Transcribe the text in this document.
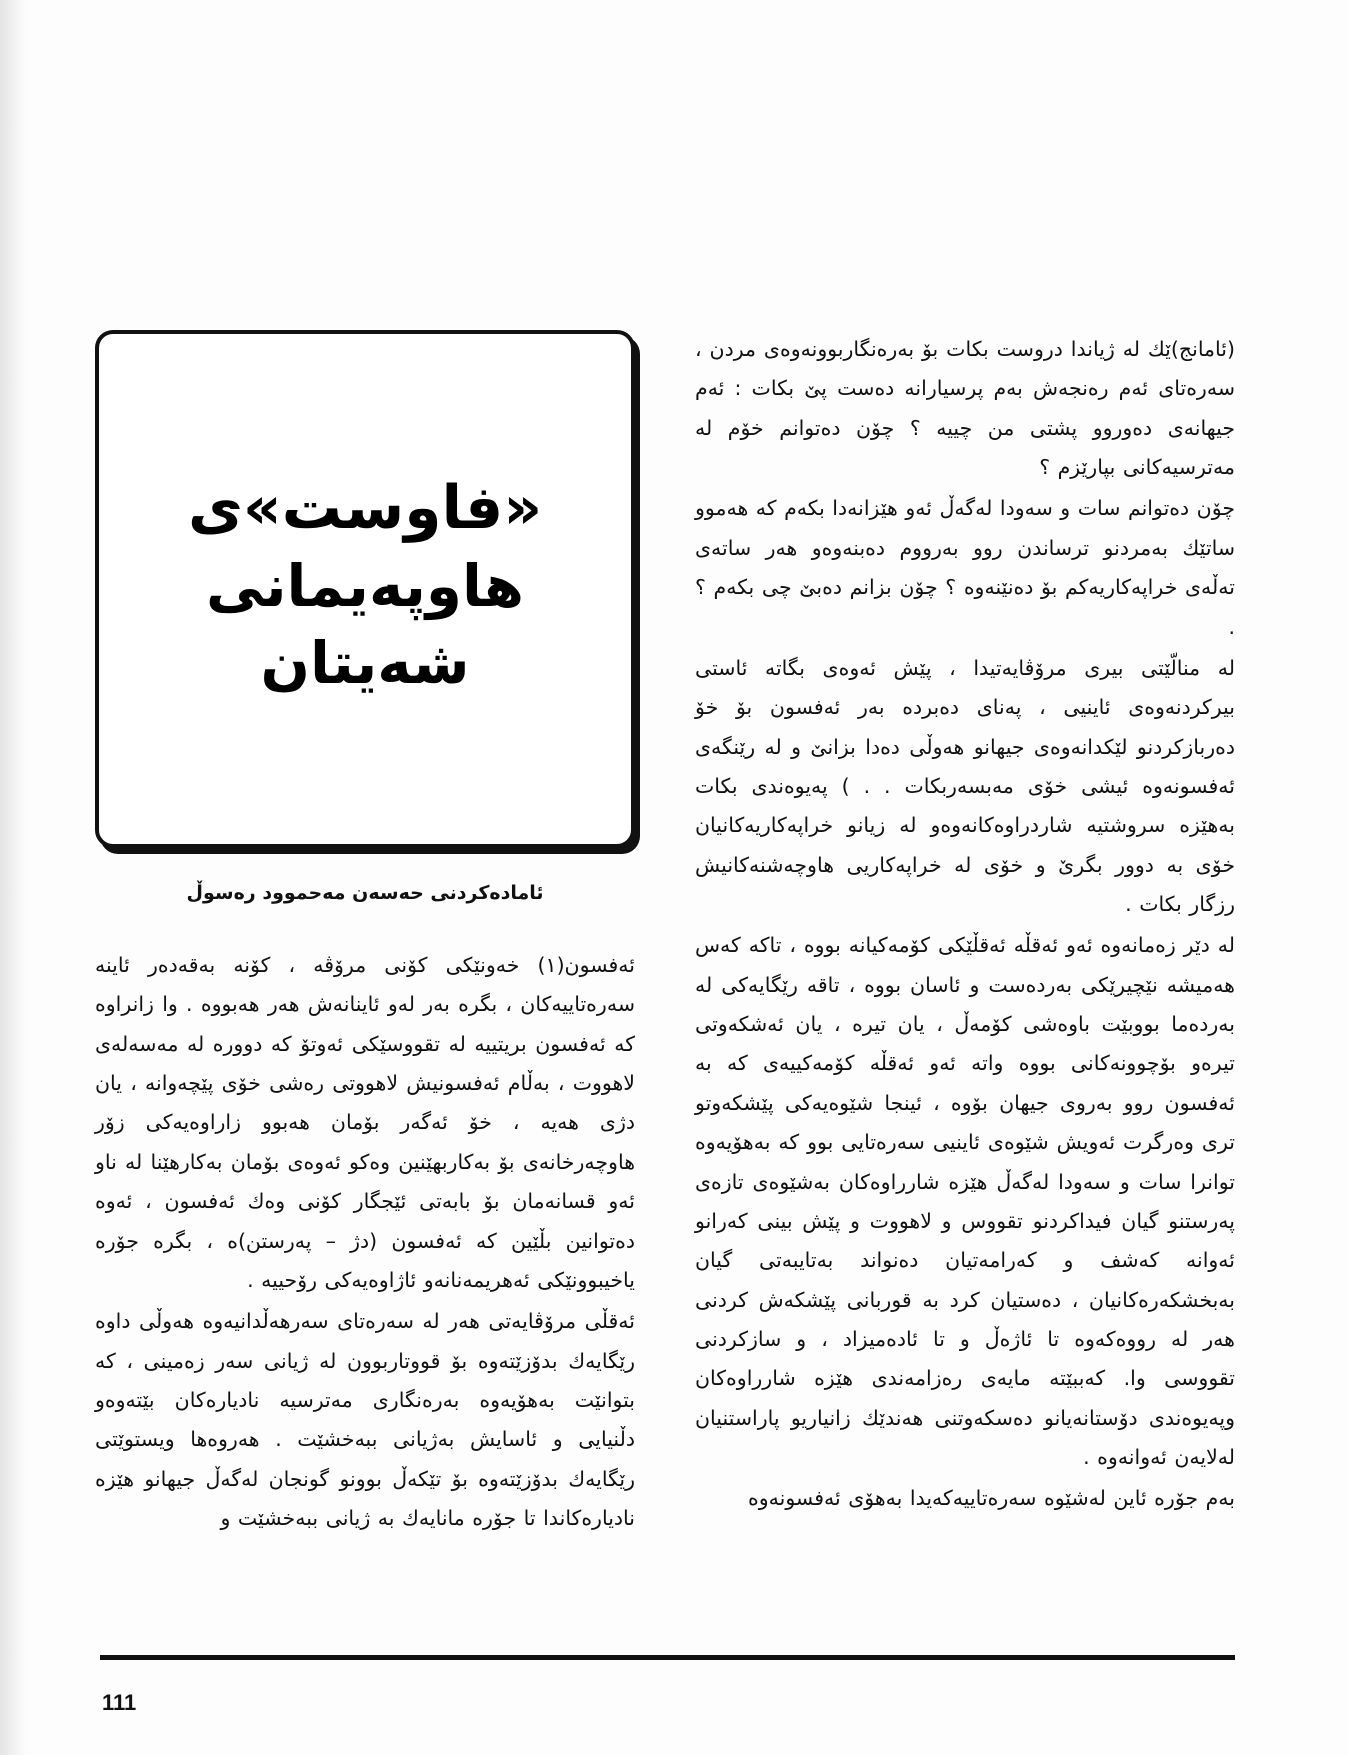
«فاوست»ی
هاوپەیمانی
شەیتان
ئامادەکردنی حەسەن مەحموود رەسوڵ

ئەفسون(١) خەونێکی کۆنی مرۆڤە ، کۆنە بەقەدەر ئاینە سەرەتاییەکان ، بگرە بەر لەو ئاینانەش هەر هەبووە . وا زانراوە کە ئەفسون بریتییە لە تقووسێکی ئەوتۆ کە دوورە لە مەسەلەی لاهووت ، بەڵام ئەفسونیش لاهووتی رەشی خۆی پێچەوانە ، یان دژی هەیە ، خۆ ئەگەر بۆمان هەبوو زاراوەیەکی زۆر هاوچەرخانەی بۆ بەکاربهێنین وەکو ئەوەی بۆمان بەکارهێنا لە ناو ئەو قسانەمان بۆ بابەتی ئێجگار کۆنی وەك ئەفسون ، ئەوە دەتوانین بڵێین کە ئەفسون (دژ – پەرستن)ە ، بگرە جۆرە یاخیبوونێکی ئەهریمەنانەو ئاژاوەیەکی رۆحییە .

ئەقڵی مرۆڤایەتی هەر لە سەرەتای سەرهەڵدانیەوە هەوڵی داوە رێگایەك بدۆزێتەوە بۆ قووتاربوون لە ژیانی سەر زەمینی ، کە بتوانێت بەهۆیەوە بەرەنگاری مەترسیە نادیارەکان بێتەوەو دڵنیایی و ئاسایش بەژیانی ببەخشێت . هەروەها ویستوێتی رێگایەك بدۆزێتەوە بۆ تێکەڵ بوونو گونجان لەگەڵ جیهانو هێزە نادیارەکاندا تا جۆرە مانایەك بە ژیانی ببەخشێت و

(ئامانج)ێك لە ژیاندا دروست بکات بۆ بەرەنگاربوونەوەی مردن ، سەرەتای ئەم رەنجەش بەم پرسیارانە دەست پێ بکات : ئەم جیهانەی دەوروو پشتی من چییە ؟ چۆن دەتوانم خۆم لە مەترسیەکانی بپارێزم ؟

چۆن دەتوانم سات و سەودا لەگەڵ ئەو هێزانەدا بکەم کە هەموو ساتێك بەمردنو ترساندن روو بەرووم دەبنەوەو هەر ساتەی تەڵەی خراپەکاریەکم بۆ دەنێنەوە ؟ چۆن بزانم دەبێ چی بکەم ؟ .

لە منالّێتی بیری مرۆڤایەتیدا ، پێش ئەوەی بگاتە ئاستی بیرکردنەوەی ئاینیی ، پەنای دەبردە بەر ئەفسون بۆ خۆ دەربازکردنو لێکدانەوەی جیهانو هەوڵی دەدا بزانێ و لە رێنگەی ئەفسونەوە ئیشی خۆی مەبسەربکات . . ) پەیوەندی بکات بەهێزە سروشتیە شاردراوەکانەوەو لە زیانو خراپەکاریەکانیان خۆی بە دوور بگرێ و خۆی لە خراپەکاریی هاوچەشنەکانیش رزگار بکات .

لە دێر زەمانەوە ئەو ئەقڵە ئەقڵێکی کۆمەکیانە بووە ، تاکە کەس هەمیشە نێچیرێکی بەردەست و ئاسان بووە ، تاقە رێگایەکی لە بەردەما بووبێت باوەشی کۆمەڵ ، یان تیرە ، یان ئەشکەوتی تیرەو بۆچوونەکانی بووە واتە ئەو ئەقڵە کۆمەکییەی کە بە ئەفسون روو بەروی جیهان بۆوە ، ئینجا شێوەیەکی پێشکەوتو تری وەرگرت ئەویش شێوەی ئاینیی سەرەتایی بوو کە بەهۆیەوە توانرا سات و سەودا لەگەڵ هێزە شارراوەکان بەشێوەی تازەی پەرستنو گیان فیداکردنو تقووس و لاهووت و پێش بینی کەرانو ئەوانە کەشف و کەرامەتیان دەنواند بەتایبەتی گیان بەبخشکەرەکانیان ، دەستیان کرد بە قوربانی پێشکەش کردنی هەر لە رووەکەوە تا ئاژەڵ و تا ئادەمیزاد ، و سازکردنی تقووسی وا. کەببێتە مایەی رەزامەندی هێزە شارراوەکان وپەیوەندی دۆستانەیانو دەسکەوتنی هەندێك زانیاریو پاراستنیان لەلایەن ئەوانەوە .

بەم جۆرە ئاین لەشێوە سەرەتاییەکەیدا بەهۆی ئەفسونەوە

111
